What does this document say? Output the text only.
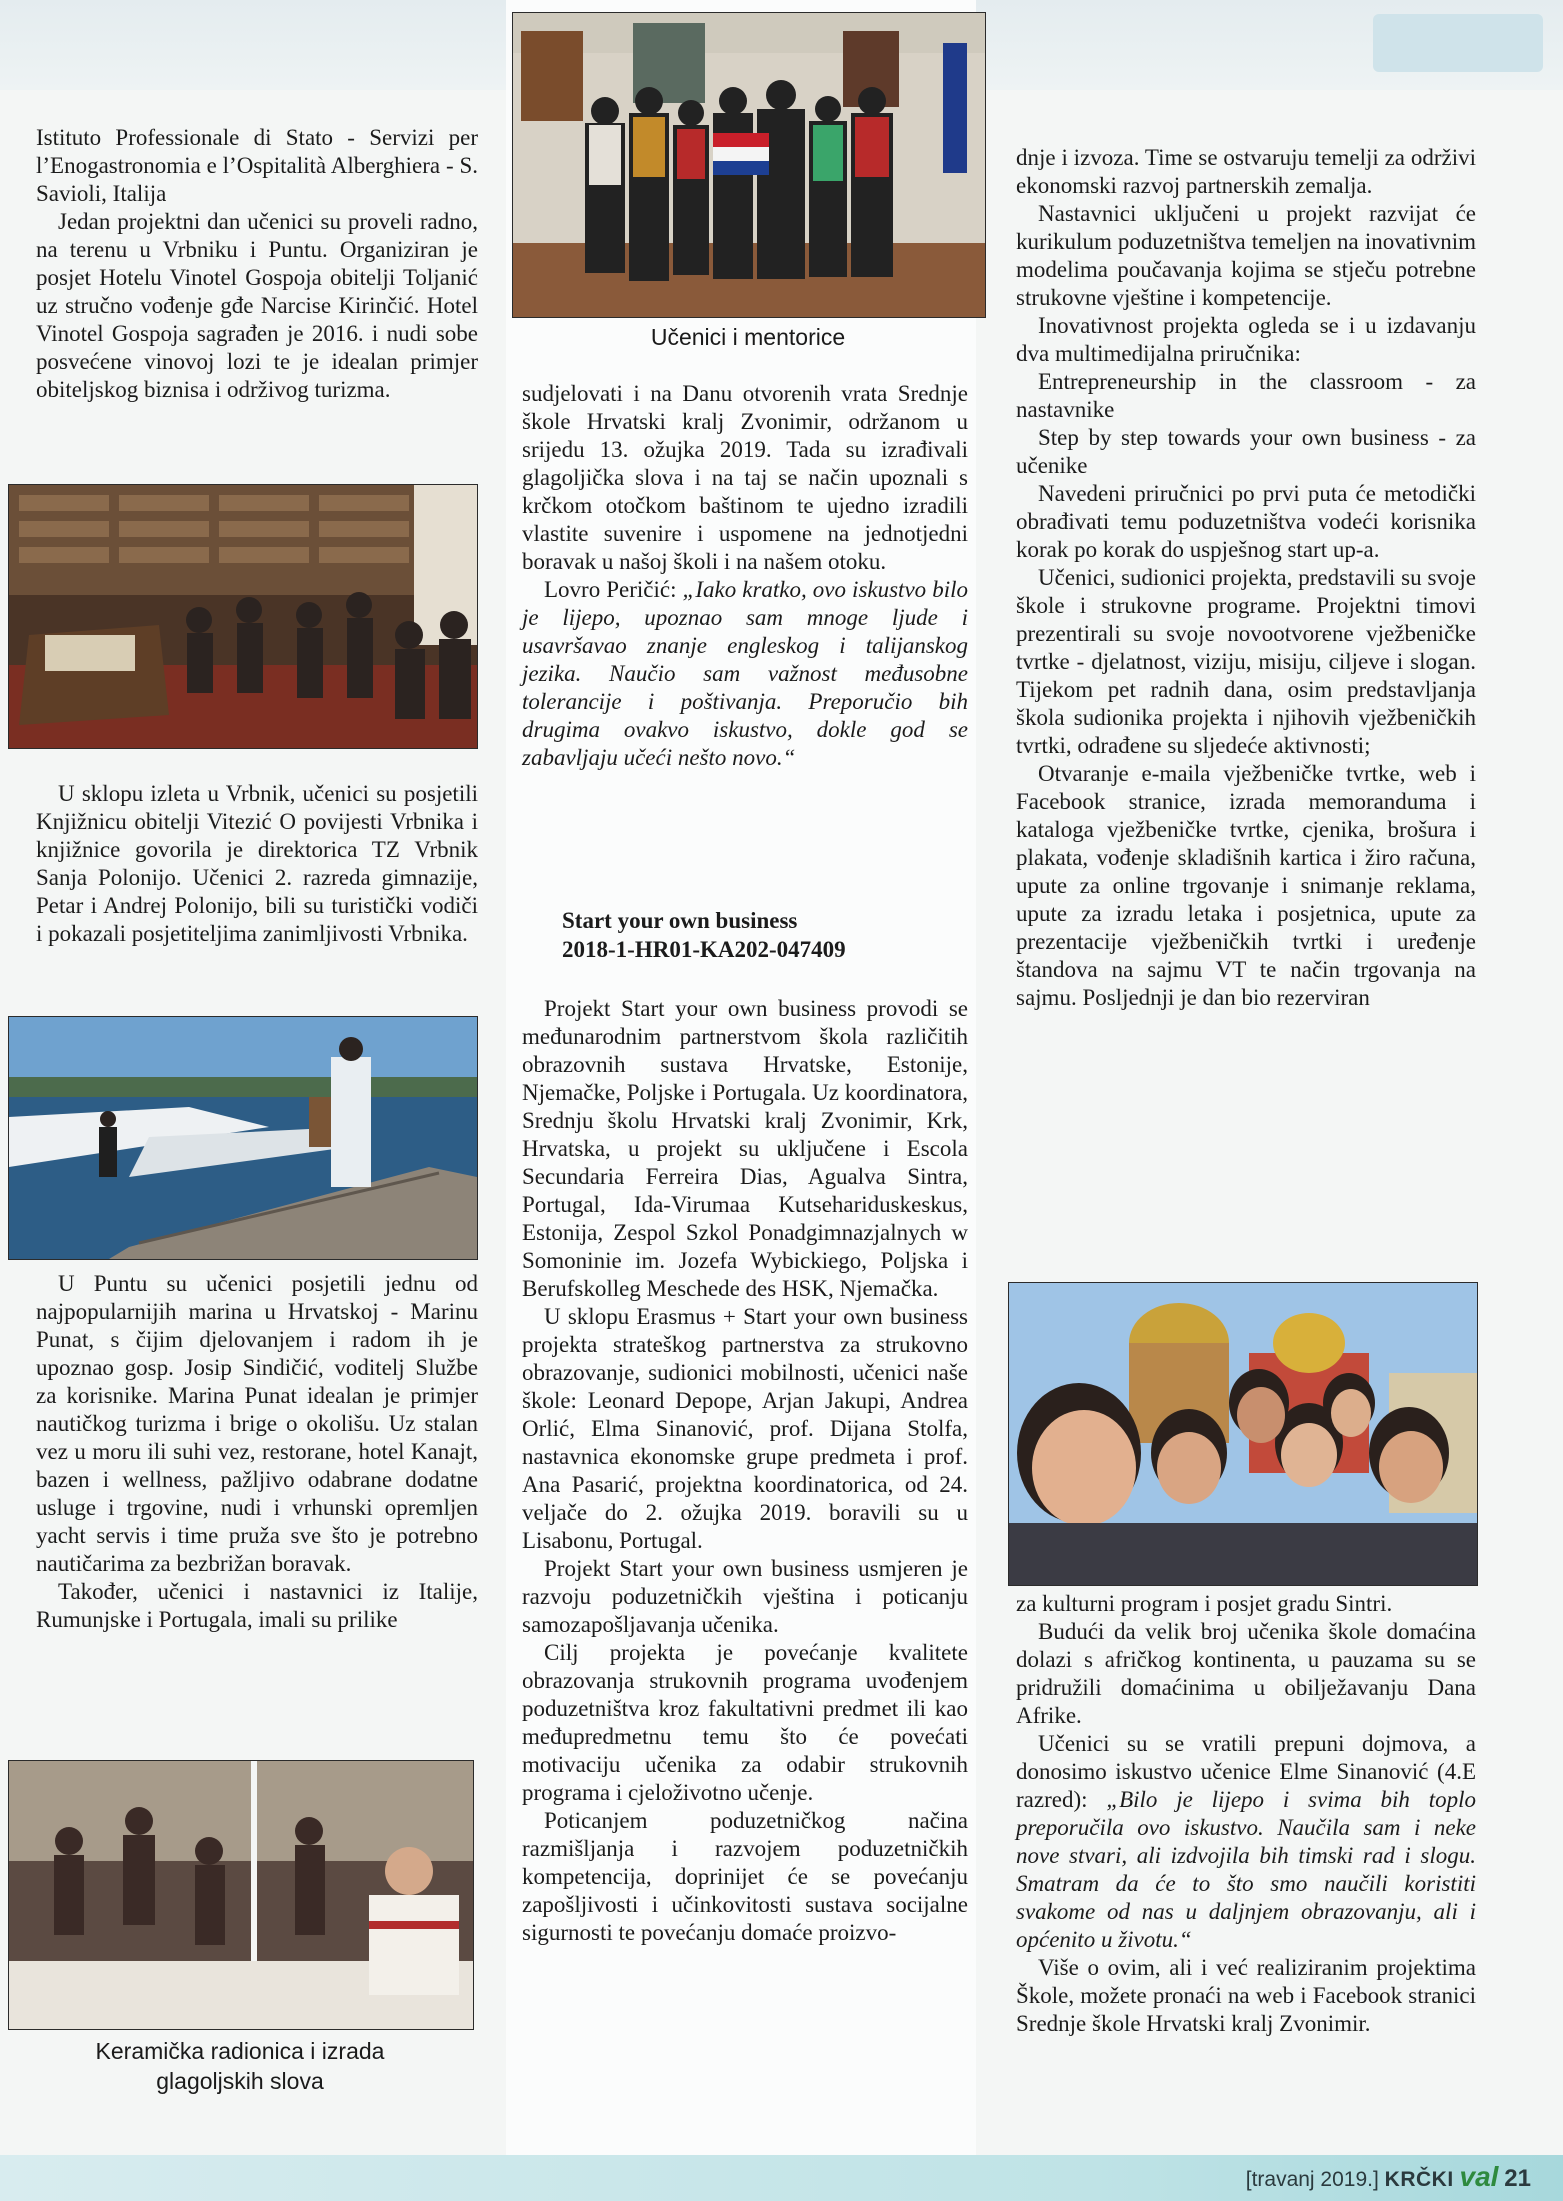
Istituto Professionale di Stato - Servizi per l’Enogastronomia e l’Ospitalità Alberghiera - S. Savioli, Italija

Jedan projektni dan učenici su proveli radno, na terenu u Vrbniku i Puntu. Organiziran je posjet Hotelu Vinotel Gospoja obitelji Toljanić uz stručno vođenje gđe Narcise Kirinčić. Hotel Vinotel Gospoja sagrađen je 2016. i nudi sobe posvećene vinovoj lozi te je idealan primjer obiteljskog biznisa i održivog turizma.

U sklopu izleta u Vrbnik, učenici su posjetili Knjižnicu obitelji Vitezić O povijesti Vrbnika i knjižnice govorila je direktorica TZ Vrbnik Sanja Polonijo. Učenici 2. razreda gimnazije, Petar i Andrej Polonijo, bili su turistički vodiči i pokazali posjetiteljima zanimljivosti Vrbnika.

U Puntu su učenici posjetili jednu od najpopularnijih marina u Hrvatskoj - Marinu Punat, s čijim djelovanjem i radom ih je upoznao gosp. Josip Sindičić, voditelj Službe za korisnike. Marina Punat idealan je primjer nautičkog turizma i brige o okolišu. Uz stalan vez u moru ili suhi vez, restorane, hotel Kanajt, bazen i wellness, pažljivo odabrane dodatne usluge i trgovine, nudi i vrhunski opremljen yacht servis i time pruža sve što je potrebno nautičarima za bezbrižan boravak.

Također, učenici i nastavnici iz Italije, Rumunjske i Portugala, imali su prilike

Keramička radionica i izrada
glagoljskih slova
Učenici i mentorice

sudjelovati i na Danu otvorenih vrata Srednje škole Hrvatski kralj Zvonimir, održanom u srijedu 13. ožujka 2019. Tada su izrađivali glagoljička slova i na taj se način upoznali s krčkom otočkom baštinom te ujedno izradili vlastite suvenire i uspomene na jednotjedni boravak u našoj školi i na našem otoku.

Lovro Peričić: „Iako kratko, ovo iskustvo bilo je lijepo, upoznao sam mnoge ljude i usavršavao znanje engleskog i talijanskog jezika. Naučio sam važnost međusobne tolerancije i poštivanja. Preporučio bih drugima ovakvo iskustvo, dokle god se zabavljaju učeći nešto novo.“

Start your own business
2018-1-HR01-KA202-047409

Projekt Start your own business provodi se međunarodnim partnerstvom škola različitih obrazovnih sustava Hrvatske, Estonije, Njemačke, Poljske i Portugala. Uz koordinatora, Srednju školu Hrvatski kralj Zvonimir, Krk, Hrvatska, u projekt su uključene i Escola Secundaria Ferreira Dias, Agualva Sintra, Portugal, Ida-Virumaa Kutsehariduskeskus, Estonija, Zespol Szkol Ponadgimnazjalnych w Somoninie im. Jozefa Wybickiego, Poljska i Berufskolleg Meschede des HSK, Njemačka.

U sklopu Erasmus + Start your own business projekta strateškog partnerstva za strukovno obrazovanje, sudionici mobilnosti, učenici naše škole: Leonard Depope, Arjan Jakupi, Andrea Orlić, Elma Sinanović, prof. Dijana Stolfa, nastavnica ekonomske grupe predmeta i prof. Ana Pasarić, projektna koordinatorica, od 24. veljače do 2. ožujka 2019. boravili su u Lisabonu, Portugal.

Projekt Start your own business usmjeren je razvoju poduzetničkih vještina i poticanju samozapošljavanja učenika.

Cilj projekta je povećanje kvalitete obrazovanja strukovnih programa uvođenjem poduzetništva kroz fakultativni predmet ili kao međupredmetnu temu što će povećati motivaciju učenika za odabir strukovnih programa i cjeloživotno učenje.

Poticanjem poduzetničkog načina razmišljanja i razvojem poduzetničkih kompetencija, doprinijet će se povećanju zapošljivosti i učinkovitosti sustava socijalne sigurnosti te povećanju domaće proizvo-

dnje i izvoza. Time se ostvaruju temelji za održivi ekonomski razvoj partnerskih zemalja.

Nastavnici uključeni u projekt razvijat će kurikulum poduzetništva temeljen na inovativnim modelima poučavanja kojima se stječu potrebne strukovne vještine i kompetencije.

Inovativnost projekta ogleda se i u izdavanju dva multimedijalna priručnika:

Entrepreneurship in the classroom - za nastavnike

Step by step towards your own business - za učenike

Navedeni priručnici po prvi puta će metodički obrađivati temu poduzetništva vodeći korisnika korak po korak do uspješnog start up-a.

Učenici, sudionici projekta, predstavili su svoje škole i strukovne programe. Projektni timovi prezentirali su svoje novootvorene vježbeničke tvrtke - djelatnost, viziju, misiju, ciljeve i slogan. Tijekom pet radnih dana, osim predstavljanja škola sudionika projekta i njihovih vježbeničkih tvrtki, odrađene su sljedeće aktivnosti;

Otvaranje e-maila vježbeničke tvrtke, web i Facebook stranice, izrada memoranduma i kataloga vježbeničke tvrtke, cjenika, brošura i plakata, vođenje skladišnih kartica i žiro računa, upute za online trgovanje i snimanje reklama, upute za izradu letaka i posjetnica, upute za prezentacije vježbeničkih tvrtki i uređenje štandova na sajmu VT te način trgovanja na sajmu. Posljednji je dan bio rezerviran

za kulturni program i posjet gradu Sintri.

Budući da velik broj učenika škole domaćina dolazi s afričkog kontinenta, u pauzama su se pridružili domaćinima u obilježavanju Dana Afrike.

Učenici su se vratili prepuni dojmova, a donosimo iskustvo učenice Elme Sinanović (4.E razred): „Bilo je lijepo i svima bih toplo preporučila ovo iskustvo. Naučila sam i neke nove stvari, ali izdvojila bih timski rad i slogu. Smatram da će to što smo naučili koristiti svakome od nas u daljnjem obrazovanju, ali i općenito u životu.“

Više o ovim, ali i već realiziranim projektima Škole, možete pronaći na web i Facebook stranici Srednje škole Hrvatski kralj Zvonimir.

[travanj 2019.] KRČKI val 21
